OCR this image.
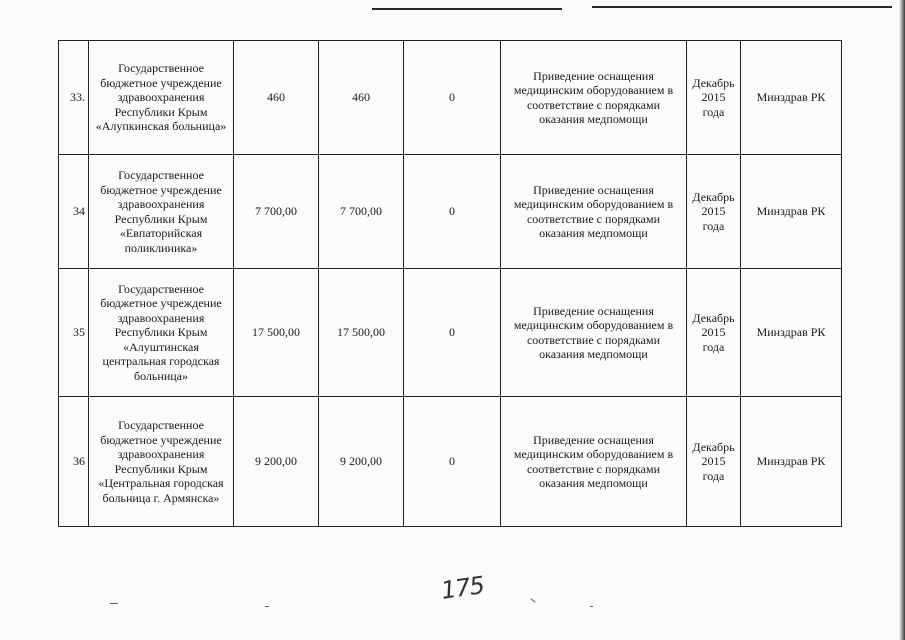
33.	Государственное бюджетное учреждение здравоохранения Республики Крым «Алупкинская больница»	460	460	0	Приведение оснащения медицинским оборудованием в соответствие с порядками оказания медпомощи	Декабрь 2015 года	Минздрав РК
34	Государственное бюджетное учреждение здравоохранения Республики Крым «Евпаторийская поликлиника»	7 700,00	7 700,00	0	Приведение оснащения медицинским оборудованием в соответствие с порядками оказания медпомощи	Декабрь 2015 года	Минздрав РК
35	Государственное бюджетное учреждение здравоохранения Республики Крым «Алуштинская центральная городская больница»	17 500,00	17 500,00	0	Приведение оснащения медицинским оборудованием в соответствие с порядками оказания медпомощи	Декабрь 2015 года	Минздрав РК
36	Государственное бюджетное учреждение здравоохранения Республики Крым «Центральная городская больница г. Армянска»	9 200,00	9 200,00	0	Приведение оснащения медицинским оборудованием в соответствие с порядками оказания медпомощи	Декабрь 2015 года	Минздрав РК
175
